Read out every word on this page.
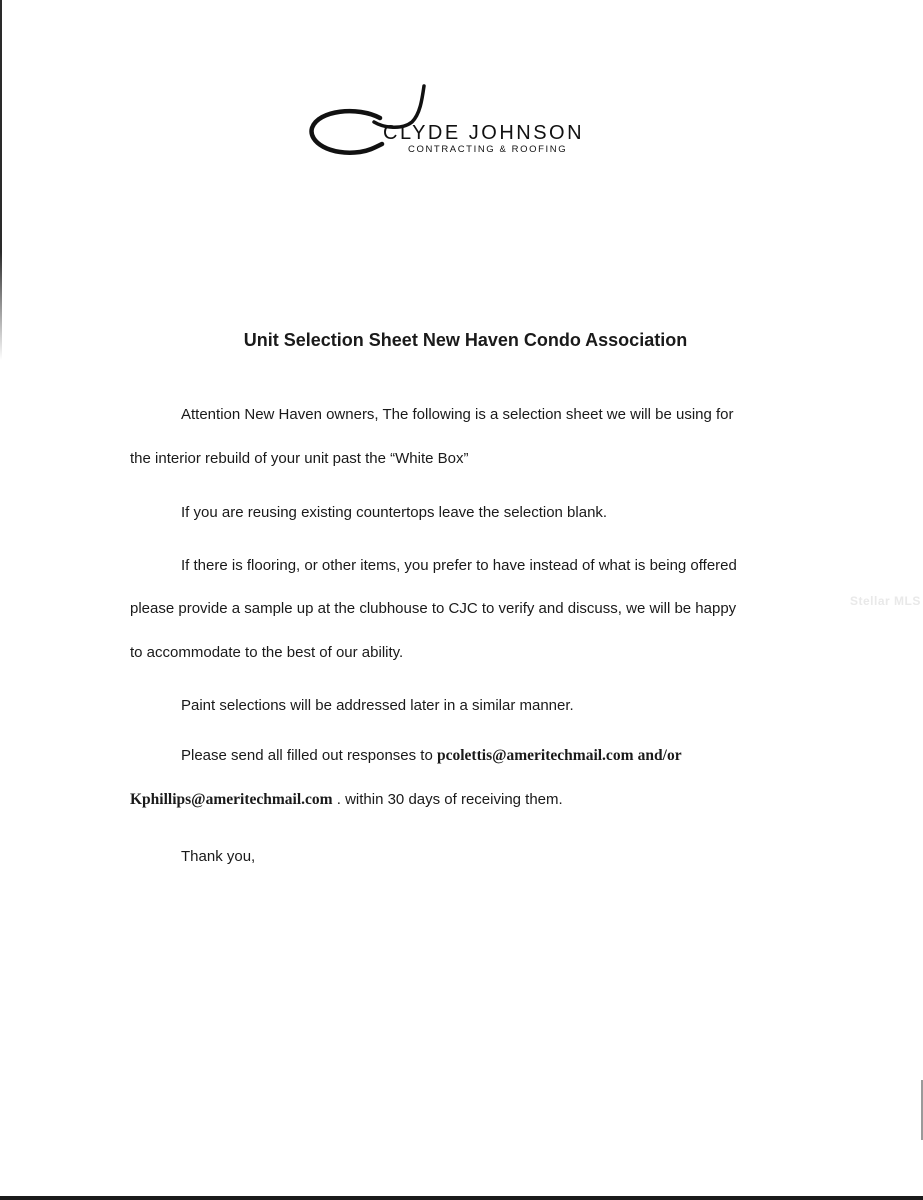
Stellar MLS
CLYDE JOHNSON
CONTRACTING & ROOFING
Unit Selection Sheet New Haven Condo Association
Attention New Haven owners, The following is a selection sheet we will be using for
the interior rebuild of your unit past the “White Box”
If you are reusing existing countertops leave the selection blank.
If there is flooring, or other items, you prefer to have instead of what is being offered
please provide a sample up at the clubhouse to CJC to verify and discuss, we will be happy
to accommodate to the best of our ability.
Paint selections will be addressed later in a similar manner.
Please send all filled out responses to pcolettis@ameritechmail.com and/or
Kphillips@ameritechmail.com . within 30 days of receiving them.
Thank you,
